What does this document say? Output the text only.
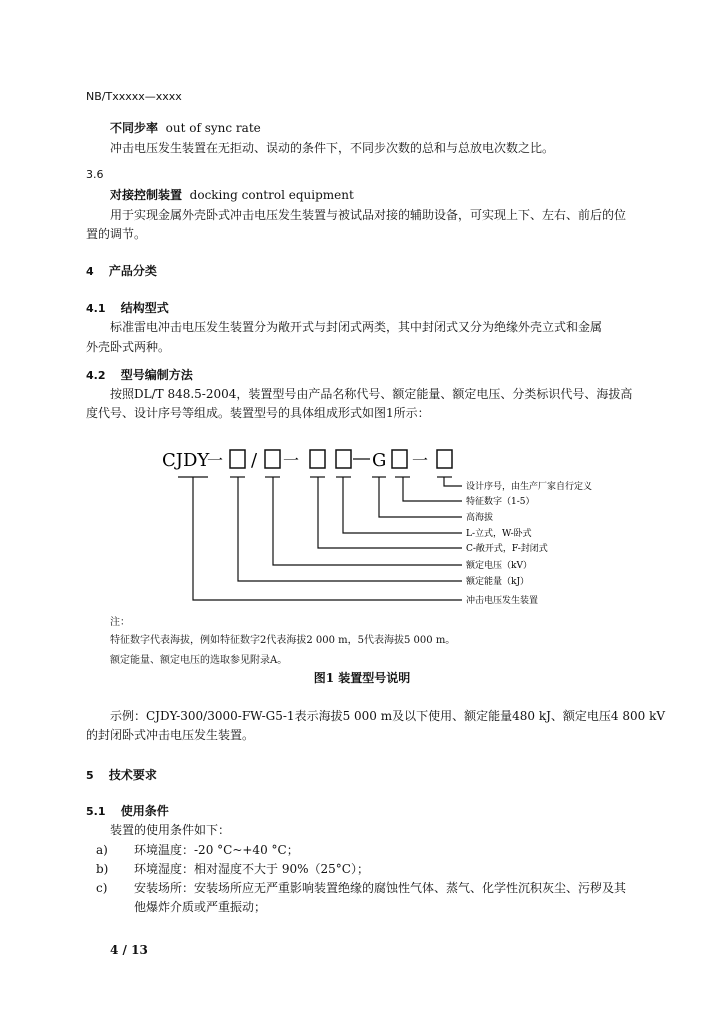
NB/Txxxxx—xxxx
不同步率 out of sync rate
冲击电压发生装置在无拒动、误动的条件下，不同步次数的总和与总放电次数之比。
3.6
对接控制装置 docking control equipment
用于实现金属外壳卧式冲击电压发生装置与被试品对接的辅助设备，可实现上下、左右、前后的位
置的调节。
4 产品分类
4.1 结构型式
标准雷电冲击电压发生装置分为敞开式与封闭式两类，其中封闭式又分为绝缘外壳立式和金属
外壳卧式两种。
4.2 型号编制方法
按照DL/T 848.5-2004，装置型号由产品名称代号、额定能量、额定电压、分类标识代号、海拔高
度代号、设计序号等组成。装置型号的具体组成形式如图1所示：
CJDY
一 / 一	G 一
设计序号，由生产厂家自行定义
特征数字（1-5）
高海拔
L-立式，W-卧式
C-敞开式，F-封闭式
额定电压（kV）
额定能量（kJ）
冲击电压发生装置
注：
特征数字代表海拔，例如特征数字2代表海拔2 000 m，5代表海拔5 000 m。
额定能量、额定电压的选取参见附录A。
图1 装置型号说明
示例：CJDY-300/3000-FW-G5-1表示海拔5 000 m及以下使用、额定能量480 kJ、额定电压4 800 kV
的封闭卧式冲击电压发生装置。
5 技术要求
5.1 使用条件
装置的使用条件如下：
a) 环境温度：-20 °C~+40 °C；
b) 环境湿度：相对湿度不大于 90%（25°C）；
c) 安装场所：安装场所应无严重影响装置绝缘的腐蚀性气体、蒸气、化学性沉积灰尘、污秽及其
他爆炸介质或严重振动；
4 / 13
